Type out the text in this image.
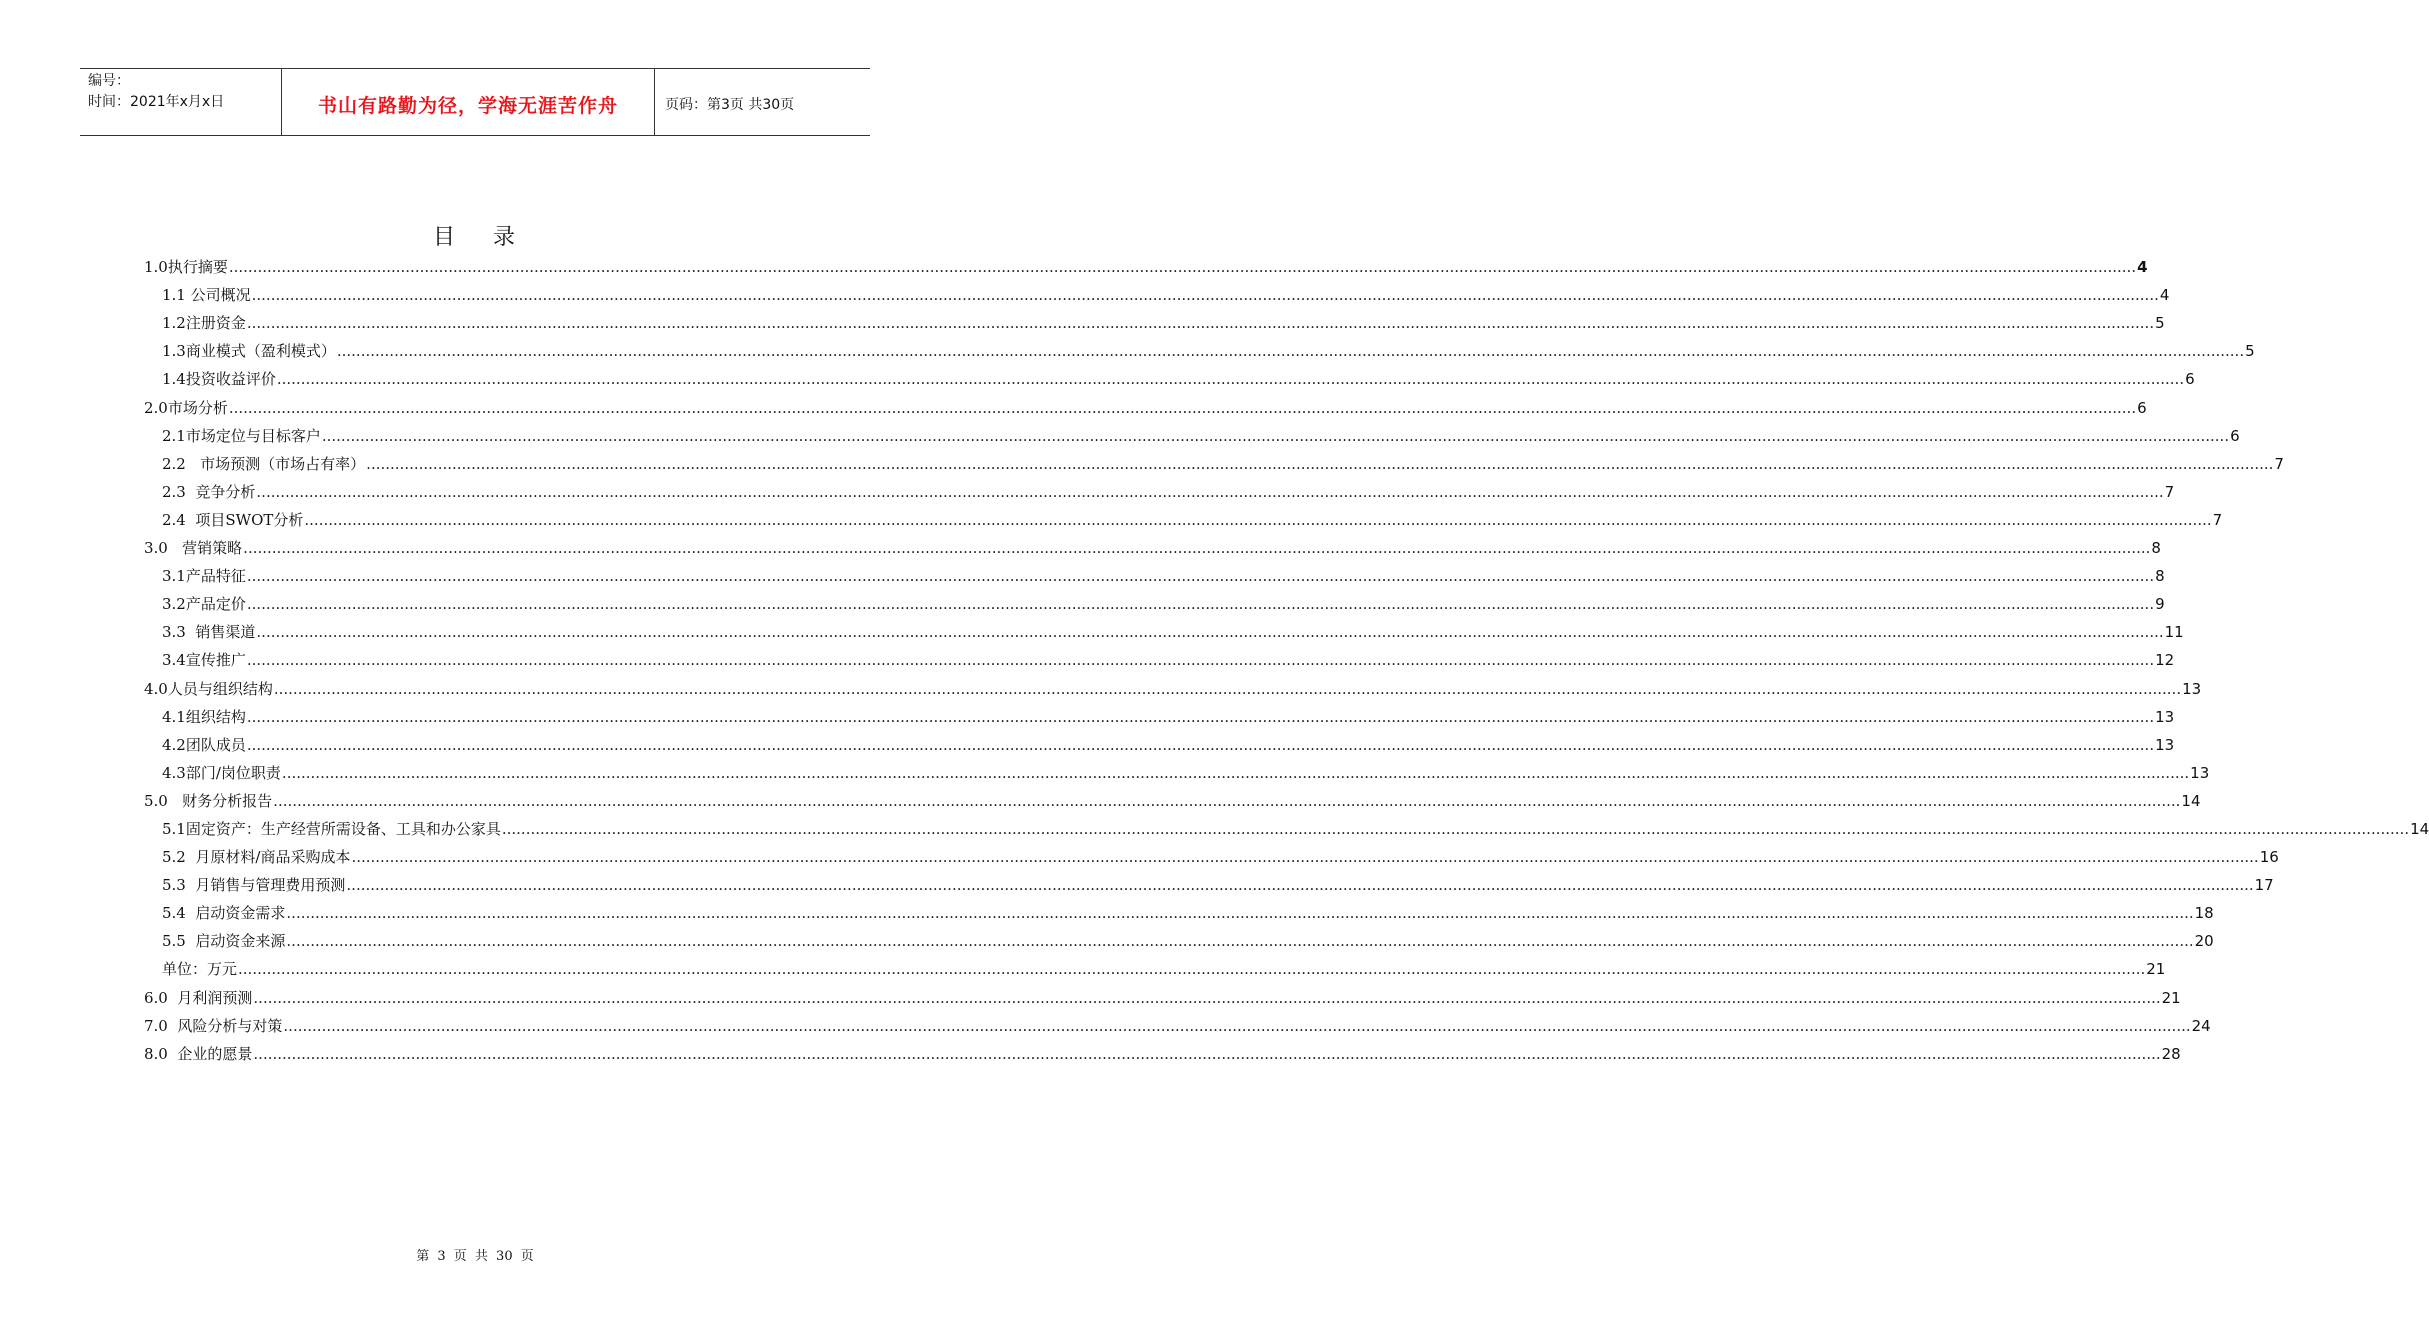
编号：
时间：2021年x月x日	书山有路勤为径，学海无涯苦作舟	页码：第3页 共30页
目    录
1.0执行摘要 ................................................................................................................................................................................................................................................................................................................................................................................................................ 4
1.1 公司概况 ................................................................................................................................................................................................................................................................................................................................................................................................................ 4
1.2注册资金 ................................................................................................................................................................................................................................................................................................................................................................................................................ 5
1.3商业模式（盈利模式） ................................................................................................................................................................................................................................................................................................................................................................................................................ 5
1.4投资收益评价 ................................................................................................................................................................................................................................................................................................................................................................................................................ 6
2.0市场分析 ................................................................................................................................................................................................................................................................................................................................................................................................................ 6
2.1市场定位与目标客户 ................................................................................................................................................................................................................................................................................................................................................................................................................ 6
2.2   市场预测（市场占有率） ................................................................................................................................................................................................................................................................................................................................................................................................................ 7
2.3  竞争分析 ................................................................................................................................................................................................................................................................................................................................................................................................................ 7
2.4  项目SWOT分析 ................................................................................................................................................................................................................................................................................................................................................................................................................ 7
3.0   营销策略 ................................................................................................................................................................................................................................................................................................................................................................................................................ 8
3.1产品特征 ................................................................................................................................................................................................................................................................................................................................................................................................................ 8
3.2产品定价 ................................................................................................................................................................................................................................................................................................................................................................................................................ 9
3.3  销售渠道 ................................................................................................................................................................................................................................................................................................................................................................................................................ 11
3.4宣传推广 ................................................................................................................................................................................................................................................................................................................................................................................................................ 12
4.0人员与组织结构 ................................................................................................................................................................................................................................................................................................................................................................................................................ 13
4.1组织结构 ................................................................................................................................................................................................................................................................................................................................................................................................................ 13
4.2团队成员 ................................................................................................................................................................................................................................................................................................................................................................................................................ 13
4.3部门/岗位职责 ................................................................................................................................................................................................................................................................................................................................................................................................................ 13
5.0   财务分析报告 ................................................................................................................................................................................................................................................................................................................................................................................................................ 14
5.1固定资产：生产经营所需设备、工具和办公家具 ................................................................................................................................................................................................................................................................................................................................................................................................................ 14
5.2  月原材料/商品采购成本 ................................................................................................................................................................................................................................................................................................................................................................................................................ 16
5.3  月销售与管理费用预测 ................................................................................................................................................................................................................................................................................................................................................................................................................ 17
5.4  启动资金需求 ................................................................................................................................................................................................................................................................................................................................................................................................................ 18
5.5  启动资金来源 ................................................................................................................................................................................................................................................................................................................................................................................................................ 20
单位：万元 ................................................................................................................................................................................................................................................................................................................................................................................................................ 21
6.0  月利润预测 ................................................................................................................................................................................................................................................................................................................................................................................................................ 21
7.0  风险分析与对策 ................................................................................................................................................................................................................................................................................................................................................................................................................ 24
8.0  企业的愿景 ................................................................................................................................................................................................................................................................................................................................................................................................................ 28
第 3 页 共 30 页
